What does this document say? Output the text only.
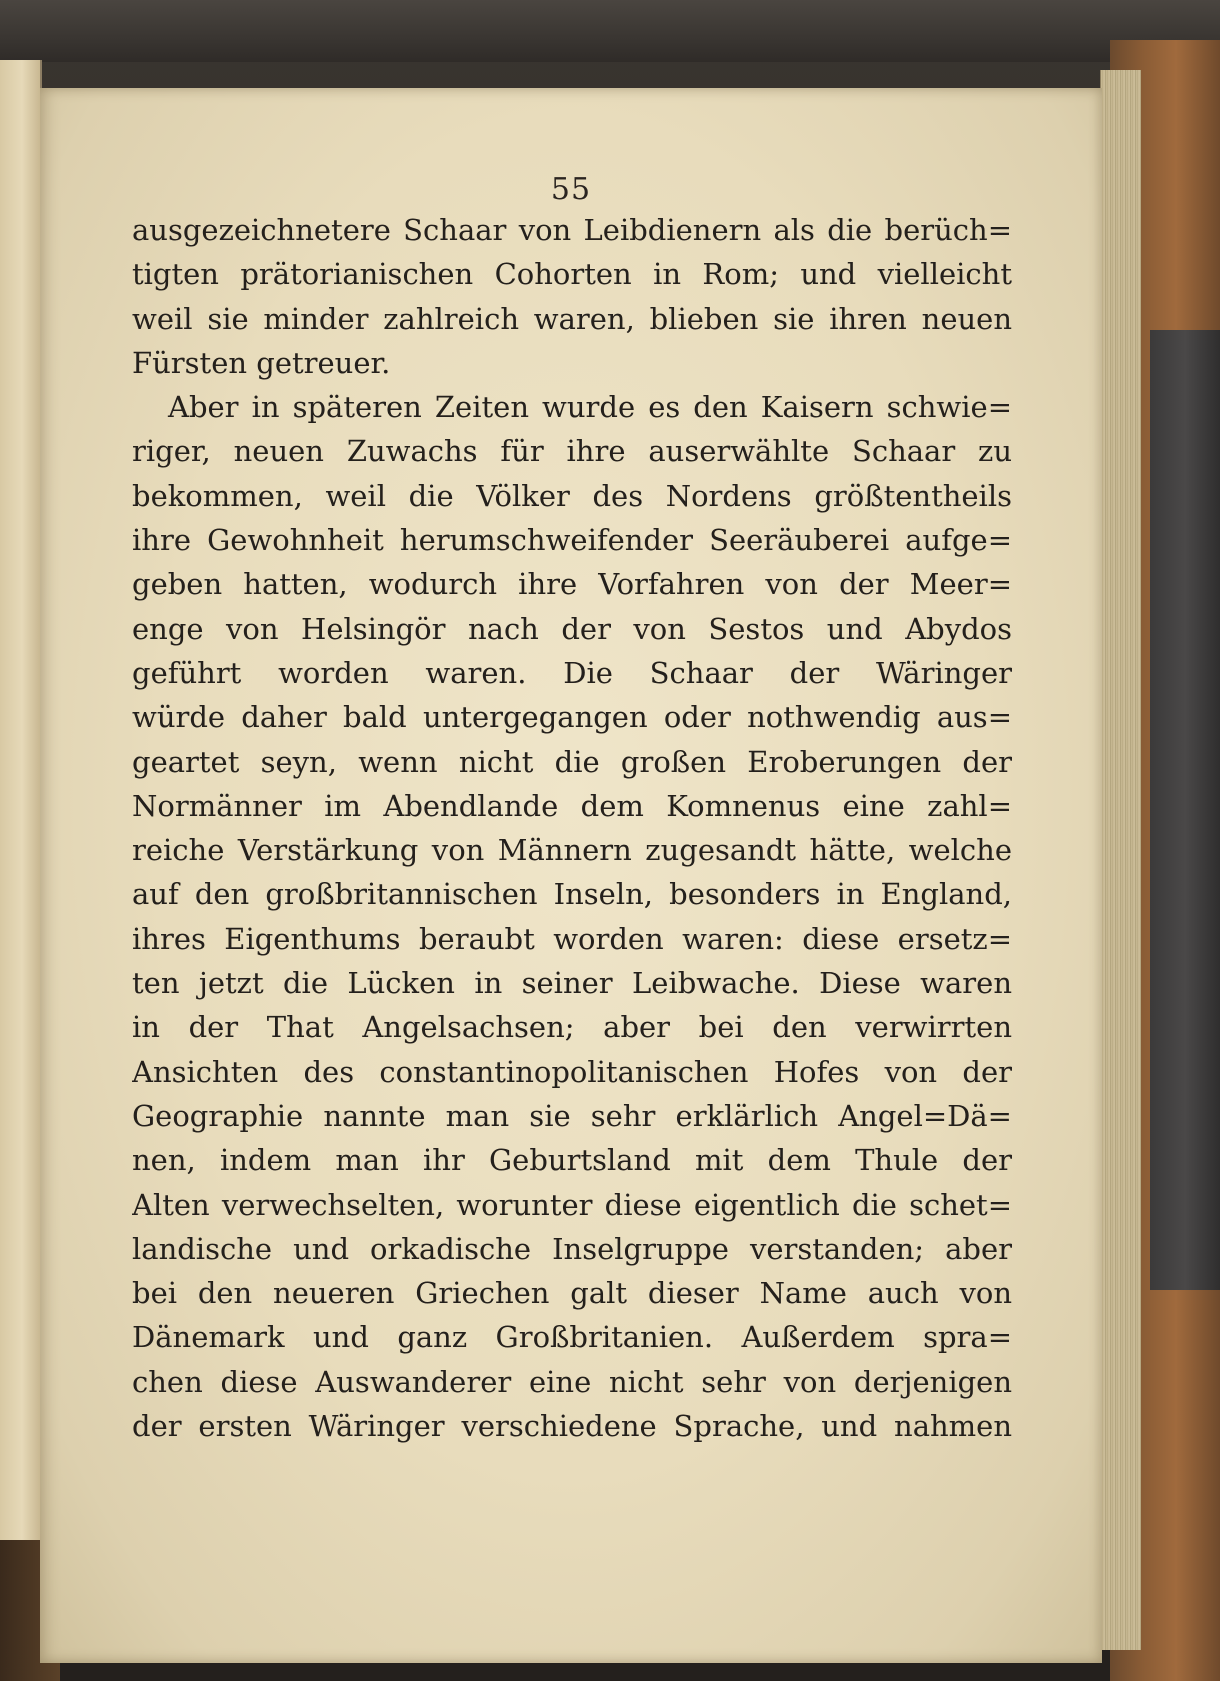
55
ausgezeichnetere Schaar von Leibdienern als die berüch=
tigten prätorianischen Cohorten in Rom; und vielleicht
weil sie minder zahlreich waren, blieben sie ihren neuen
Fürsten getreuer.
Aber in späteren Zeiten wurde es den Kaisern schwie=
riger, neuen Zuwachs für ihre auserwählte Schaar zu
bekommen, weil die Völker des Nordens größtentheils
ihre Gewohnheit herumschweifender Seeräuberei aufge=
geben hatten, wodurch ihre Vorfahren von der Meer=
enge von Helsingör nach der von Sestos und Abydos
geführt worden waren. Die Schaar der Wäringer
würde daher bald untergegangen oder nothwendig aus=
geartet seyn, wenn nicht die großen Eroberungen der
Normänner im Abendlande dem Komnenus eine zahl=
reiche Verstärkung von Männern zugesandt hätte, welche
auf den großbritannischen Inseln, besonders in England,
ihres Eigenthums beraubt worden waren: diese ersetz=
ten jetzt die Lücken in seiner Leibwache. Diese waren
in der That Angelsachsen; aber bei den verwirrten
Ansichten des constantinopolitanischen Hofes von der
Geographie nannte man sie sehr erklärlich Angel=Dä=
nen, indem man ihr Geburtsland mit dem Thule der
Alten verwechselten, worunter diese eigentlich die schet=
landische und orkadische Inselgruppe verstanden; aber
bei den neueren Griechen galt dieser Name auch von
Dänemark und ganz Großbritanien. Außerdem spra=
chen diese Auswanderer eine nicht sehr von derjenigen
der ersten Wäringer verschiedene Sprache, und nahmen
